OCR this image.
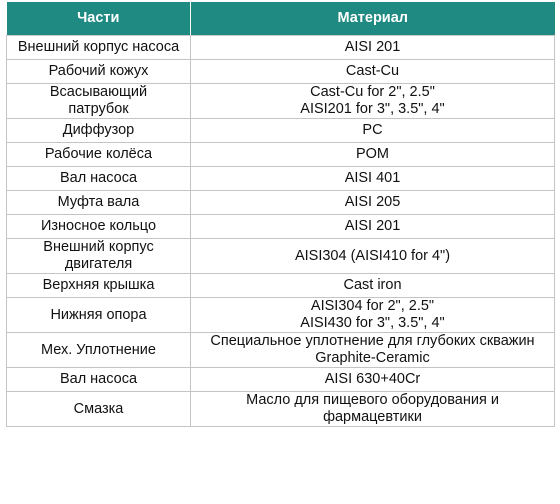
Части	Материал
Внешний корпус насоса	AISI 201
Рабочий кожух	Cast-Cu
Всасывающий
патрубок	Cast-Cu for 2", 2.5"
AISI201 for 3", 3.5", 4"
Диффузор	PC
Рабочие колёса	POM
Вал насоса	AISI 401
Муфта вала	AISI 205
Износное кольцо	AISI 201
Внешний корпус
двигателя	AISI304 (AISI410 for 4")
Верхняя крышка	Cast iron
Нижняя опора	AISI304 for 2", 2.5"
AISI430 for 3", 3.5", 4"
Мех. Уплотнение	Специальное уплотнение для глубоких скважин
Graphite-Ceramic
Вал насоса	AISI 630+40Cr
Смазка	Масло для пищевого оборудования и
фармацевтики
